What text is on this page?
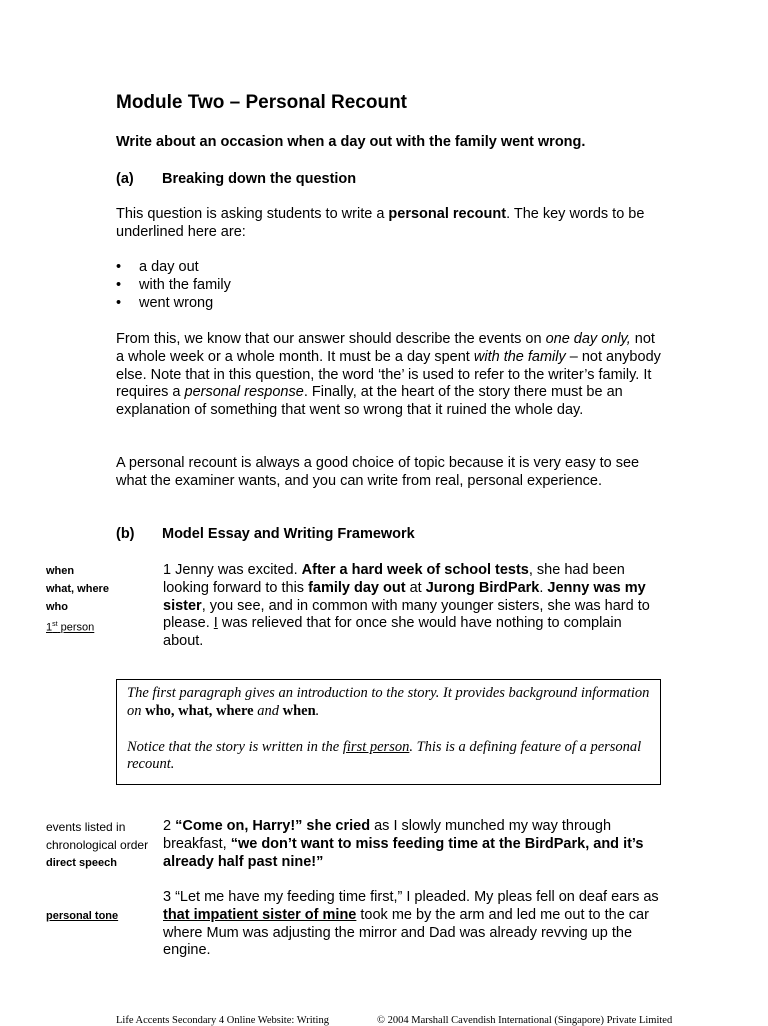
Module Two – Personal Recount
Write about an occasion when a day out with the family went wrong.
(a) Breaking down the question
This question is asking students to write a personal recount. The key words to be underlined here are:
• a day out
• with the family
• went wrong
From this, we know that our answer should describe the events on one day only, not a whole week or a whole month. It must be a day spent with the family – not anybody else. Note that in this question, the word ‘the’ is used to refer to the writer’s family. It requires a personal response. Finally, at the heart of the story there must be an explanation of something that went so wrong that it ruined the whole day.
A personal recount is always a good choice of topic because it is very easy to see what the examiner wants, and you can write from real, personal experience.
(b) Model Essay and Writing Framework
when
what, where
who
1st person
1 Jenny was excited. After a hard week of school tests, she had been looking forward to this family day out at Jurong BirdPark. Jenny was my sister, you see, and in common with many younger sisters, she was hard to please. I was relieved that for once she would have nothing to complain about.

The first paragraph gives an introduction to the story. It provides background information on who, what, where and when.

Notice that the story is written in the first person. This is a defining feature of a personal recount.

events listed in
chronological order
direct speech
2 “Come on, Harry!” she cried as I slowly munched my way through breakfast, “we don’t want to miss feeding time at the BirdPark, and it’s already half past nine!”
personal tone
3 “Let me have my feeding time first,” I pleaded. My pleas fell on deaf ears as that impatient sister of mine took me by the arm and led me out to the car where Mum was adjusting the mirror and Dad was already revving up the engine.
Life Accents Secondary 4 Online Website: Writing	© 2004 Marshall Cavendish International (Singapore) Private Limited
